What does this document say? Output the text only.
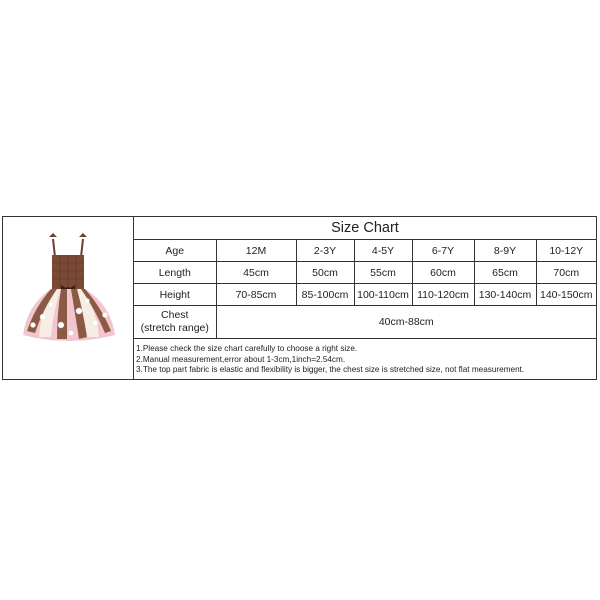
Size Chart						
Age	12M	2-3Y	4-5Y	6-7Y	8-9Y	10-12Y
Length	45cm	50cm	55cm	60cm	65cm	70cm
Height	70-85cm	85-100cm	100-110cm	110-120cm	130-140cm	140-150cm
Chest
(stretch range)	40cm-88cm					

1.Please check the size chart carefully to choose a right size.
2.Manual measurement,error about 1-3cm,1inch=2.54cm.
3.The top part fabric is elastic and flexibility is bigger, the chest size is stretched size, not flat measurement.						
